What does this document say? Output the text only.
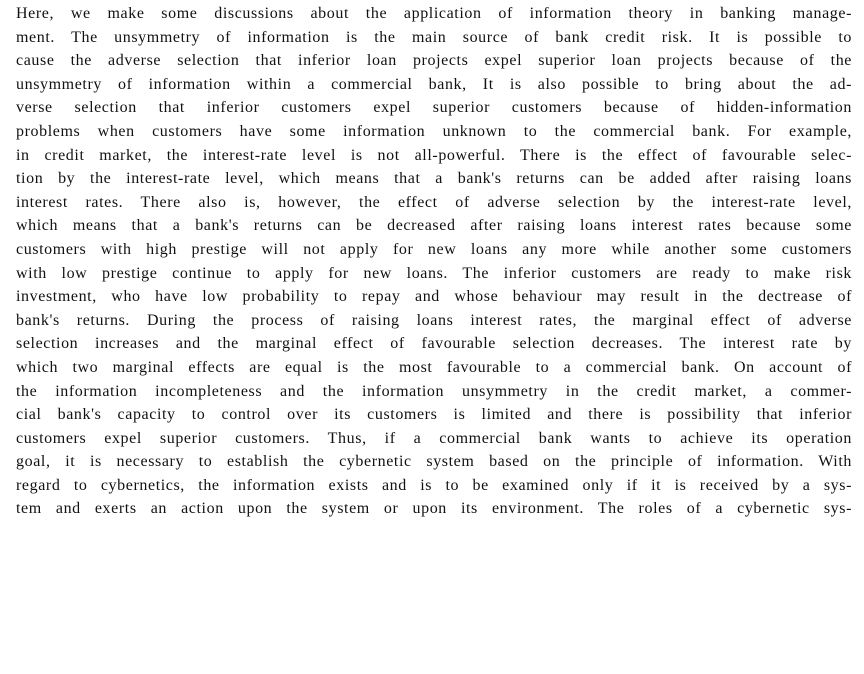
Here, we make some discussions about the application of information theory in banking manage-
ment. The unsymmetry of information is the main source of bank credit risk. It is possible to
cause the adverse selection that inferior loan projects expel superior loan projects because of the
unsymmetry of information within a commercial bank, It is also possible to bring about the ad-
verse selection that inferior customers expel superior customers because of hidden-information
problems when customers have some information unknown to the commercial bank. For example,
in credit market, the interest-rate level is not all-powerful. There is the effect of favourable selec-
tion by the interest-rate level, which means that a bank's returns can be added after raising loans
interest rates. There also is, however, the effect of adverse selection by the interest-rate level,
which means that a bank's returns can be decreased after raising loans interest rates because some
customers with high prestige will not apply for new loans any more while another some customers
with low prestige continue to apply for new loans. The inferior customers are ready to make risk
investment, who have low probability to repay and whose behaviour may result in the dectrease of
bank's returns. During the process of raising loans interest rates, the marginal effect of adverse
selection increases and the marginal effect of favourable selection decreases. The interest rate by
which two marginal effects are equal is the most favourable to a commercial bank. On account of
the information incompleteness and the information unsymmetry in the credit market, a commer-
cial bank's capacity to control over its customers is limited and there is possibility that inferior
customers expel superior customers. Thus, if a commercial bank wants to achieve its operation
goal, it is necessary to establish the cybernetic system based on the principle of information. With
regard to cybernetics, the information exists and is to be examined only if it is received by a sys-
tem and exerts an action upon the system or upon its environment. The roles of a cybernetic sys-
